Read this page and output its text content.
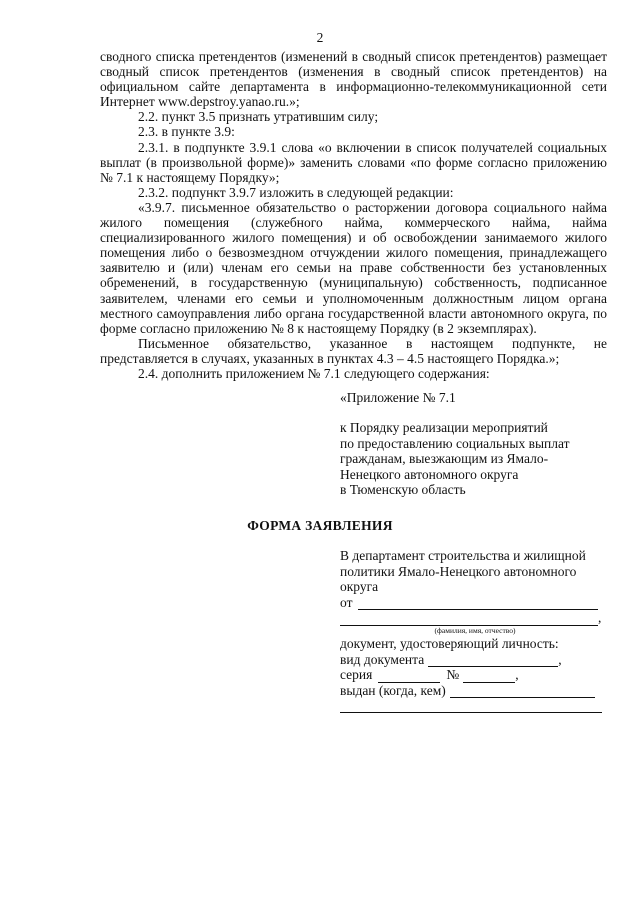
2

сводного списка претендентов (изменений в сводный список претендентов) размещает сводный список претендентов (изменения в сводный список претендентов) на официальном сайте департамента в информационно-телекоммуникационной сети Интернет www.depstroy.yanao.ru.»;

2.2. пункт 3.5 признать утратившим силу;

2.3. в пункте 3.9:

2.3.1. в подпункте 3.9.1 слова «о включении в список получателей социальных выплат (в произвольной форме)» заменить словами «по форме согласно приложению № 7.1 к настоящему Порядку»;

2.3.2. подпункт 3.9.7 изложить в следующей редакции:

«3.9.7. письменное обязательство о расторжении договора социального найма жилого помещения (служебного найма, коммерческого найма, найма специализированного жилого помещения) и об освобождении занимаемого жилого помещения либо о безвозмездном отчуждении жилого помещения, принадлежащего заявителю и (или) членам его семьи на праве собственности без установленных обременений, в государственную (муниципальную) собственность, подписанное заявителем, членами его семьи и уполномоченным должностным лицом органа местного самоуправления либо органа государственной власти автономного округа, по форме согласно приложению № 8 к настоящему Порядку (в 2 экземплярах).

Письменное обязательство, указанное в настоящем подпункте, не представляется в случаях, указанных в пунктах 4.3 – 4.5 настоящего Порядка.»;

2.4. дополнить приложением № 7.1 следующего содержания:

«Приложение № 7.1
к Порядку реализации мероприятий
по предоставлению социальных выплат
гражданам, выезжающим из Ямало-
Ненецкого автономного округа
в Тюменскую область
ФОРМА ЗАЯВЛЕНИЯ
В департамент строительства и жилищной
политики Ямало-Ненецкого автономного
округа
от
,
(фамилия, имя, отчество)
документ, удостоверяющий личность:
вид документа	,
серия	№	,
выдан (когда, кем)
